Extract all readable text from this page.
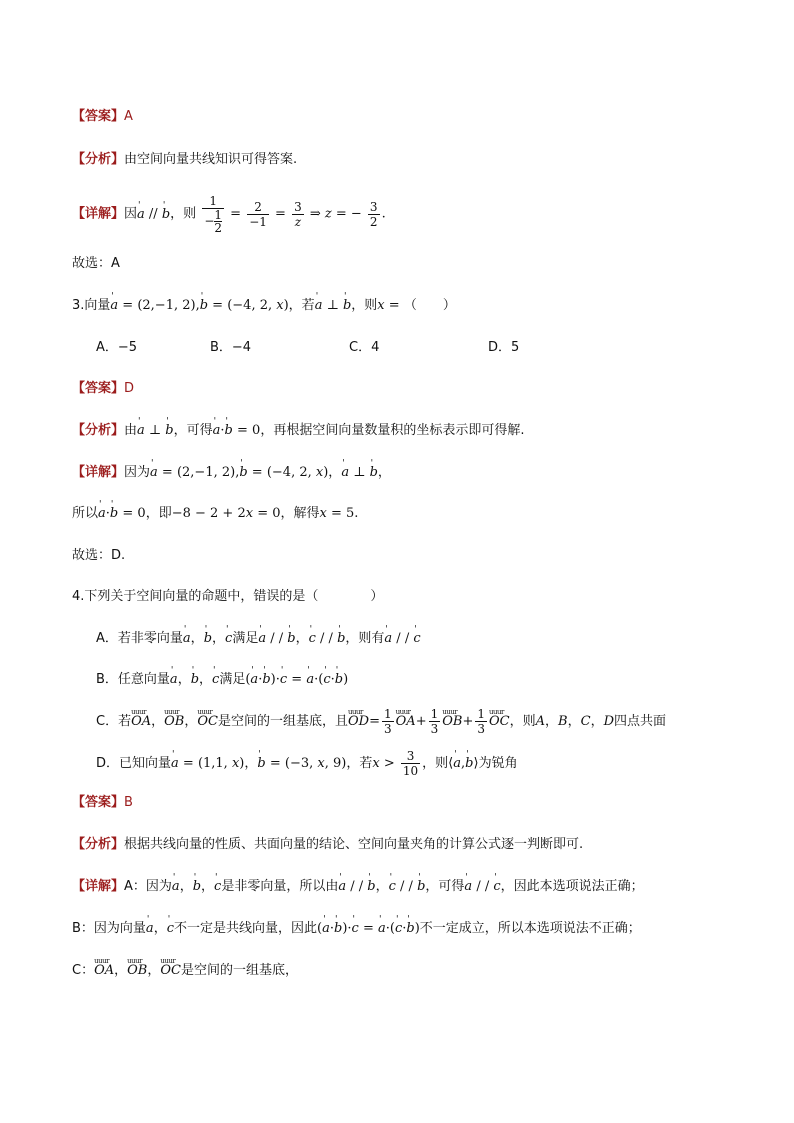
【答案】A
【分析】由空间向量共线知识可得答案.
【详解】因' a // ' b，则 $\frac{1}{- \frac{1}{2}} = \frac{2}{-1} = \frac{3}{z}$ ⇒ z = − $\frac{3}{2}$ .
故选：A
3.向量' a = (2,−1, 2),' b = (−4, 2, x)，若' a ⊥ ' b，则x = （　　）
A．−5	B．−4	C．4	D．5
【答案】D
【分析】由' a ⊥ ' b，可得' a·' b = 0，再根据空间向量数量积的坐标表示即可得解.
【详解】因为' a = (2,−1, 2),' b = (−4, 2, x)，' a ⊥ ' b，
所以' a·' b = 0，即−8 − 2 + 2x = 0，解得x = 5.
故选：D.
4.下列关于空间向量的命题中，错误的是（　　　　）
A．若非零向量' a，' b，' c满足' a / / ' b，' c / / ' b，则有' a / / ' c
B．任意向量' a，' b，' c满足(' a·' b)·' c = ' a·(' c·' b)
C．若uuur OA，uuur OB，uuur OC是空间的一组基底，且uuur $OD= \frac{1}{3}$ uuur $OA+ \frac{1}{3}$ uuur $OB+ \frac{1}{3}$ uuur OC，则A，B，C，D四点共面
D．已知向量' a = (1,1, x)，' b = (−3, x, 9)，若$x > \frac{3}{10}$ ，则⟨' a,' b⟩为锐角
【答案】B
【分析】根据共线向量的性质、共面向量的结论、空间向量夹角的计算公式逐一判断即可.
【详解】A：因为' a，' b，' c是非零向量，所以由' a / / ' b，' c / / ' b，可得' a / / ' c，因此本选项说法正确；
B：因为向量' a，' c不一定是共线向量，因此(' a·' b)·' c = ' a·(' c·' b)不一定成立，所以本选项说法不正确；
C：uuur OA，uuur OB，uuur OC是空间的一组基底，
